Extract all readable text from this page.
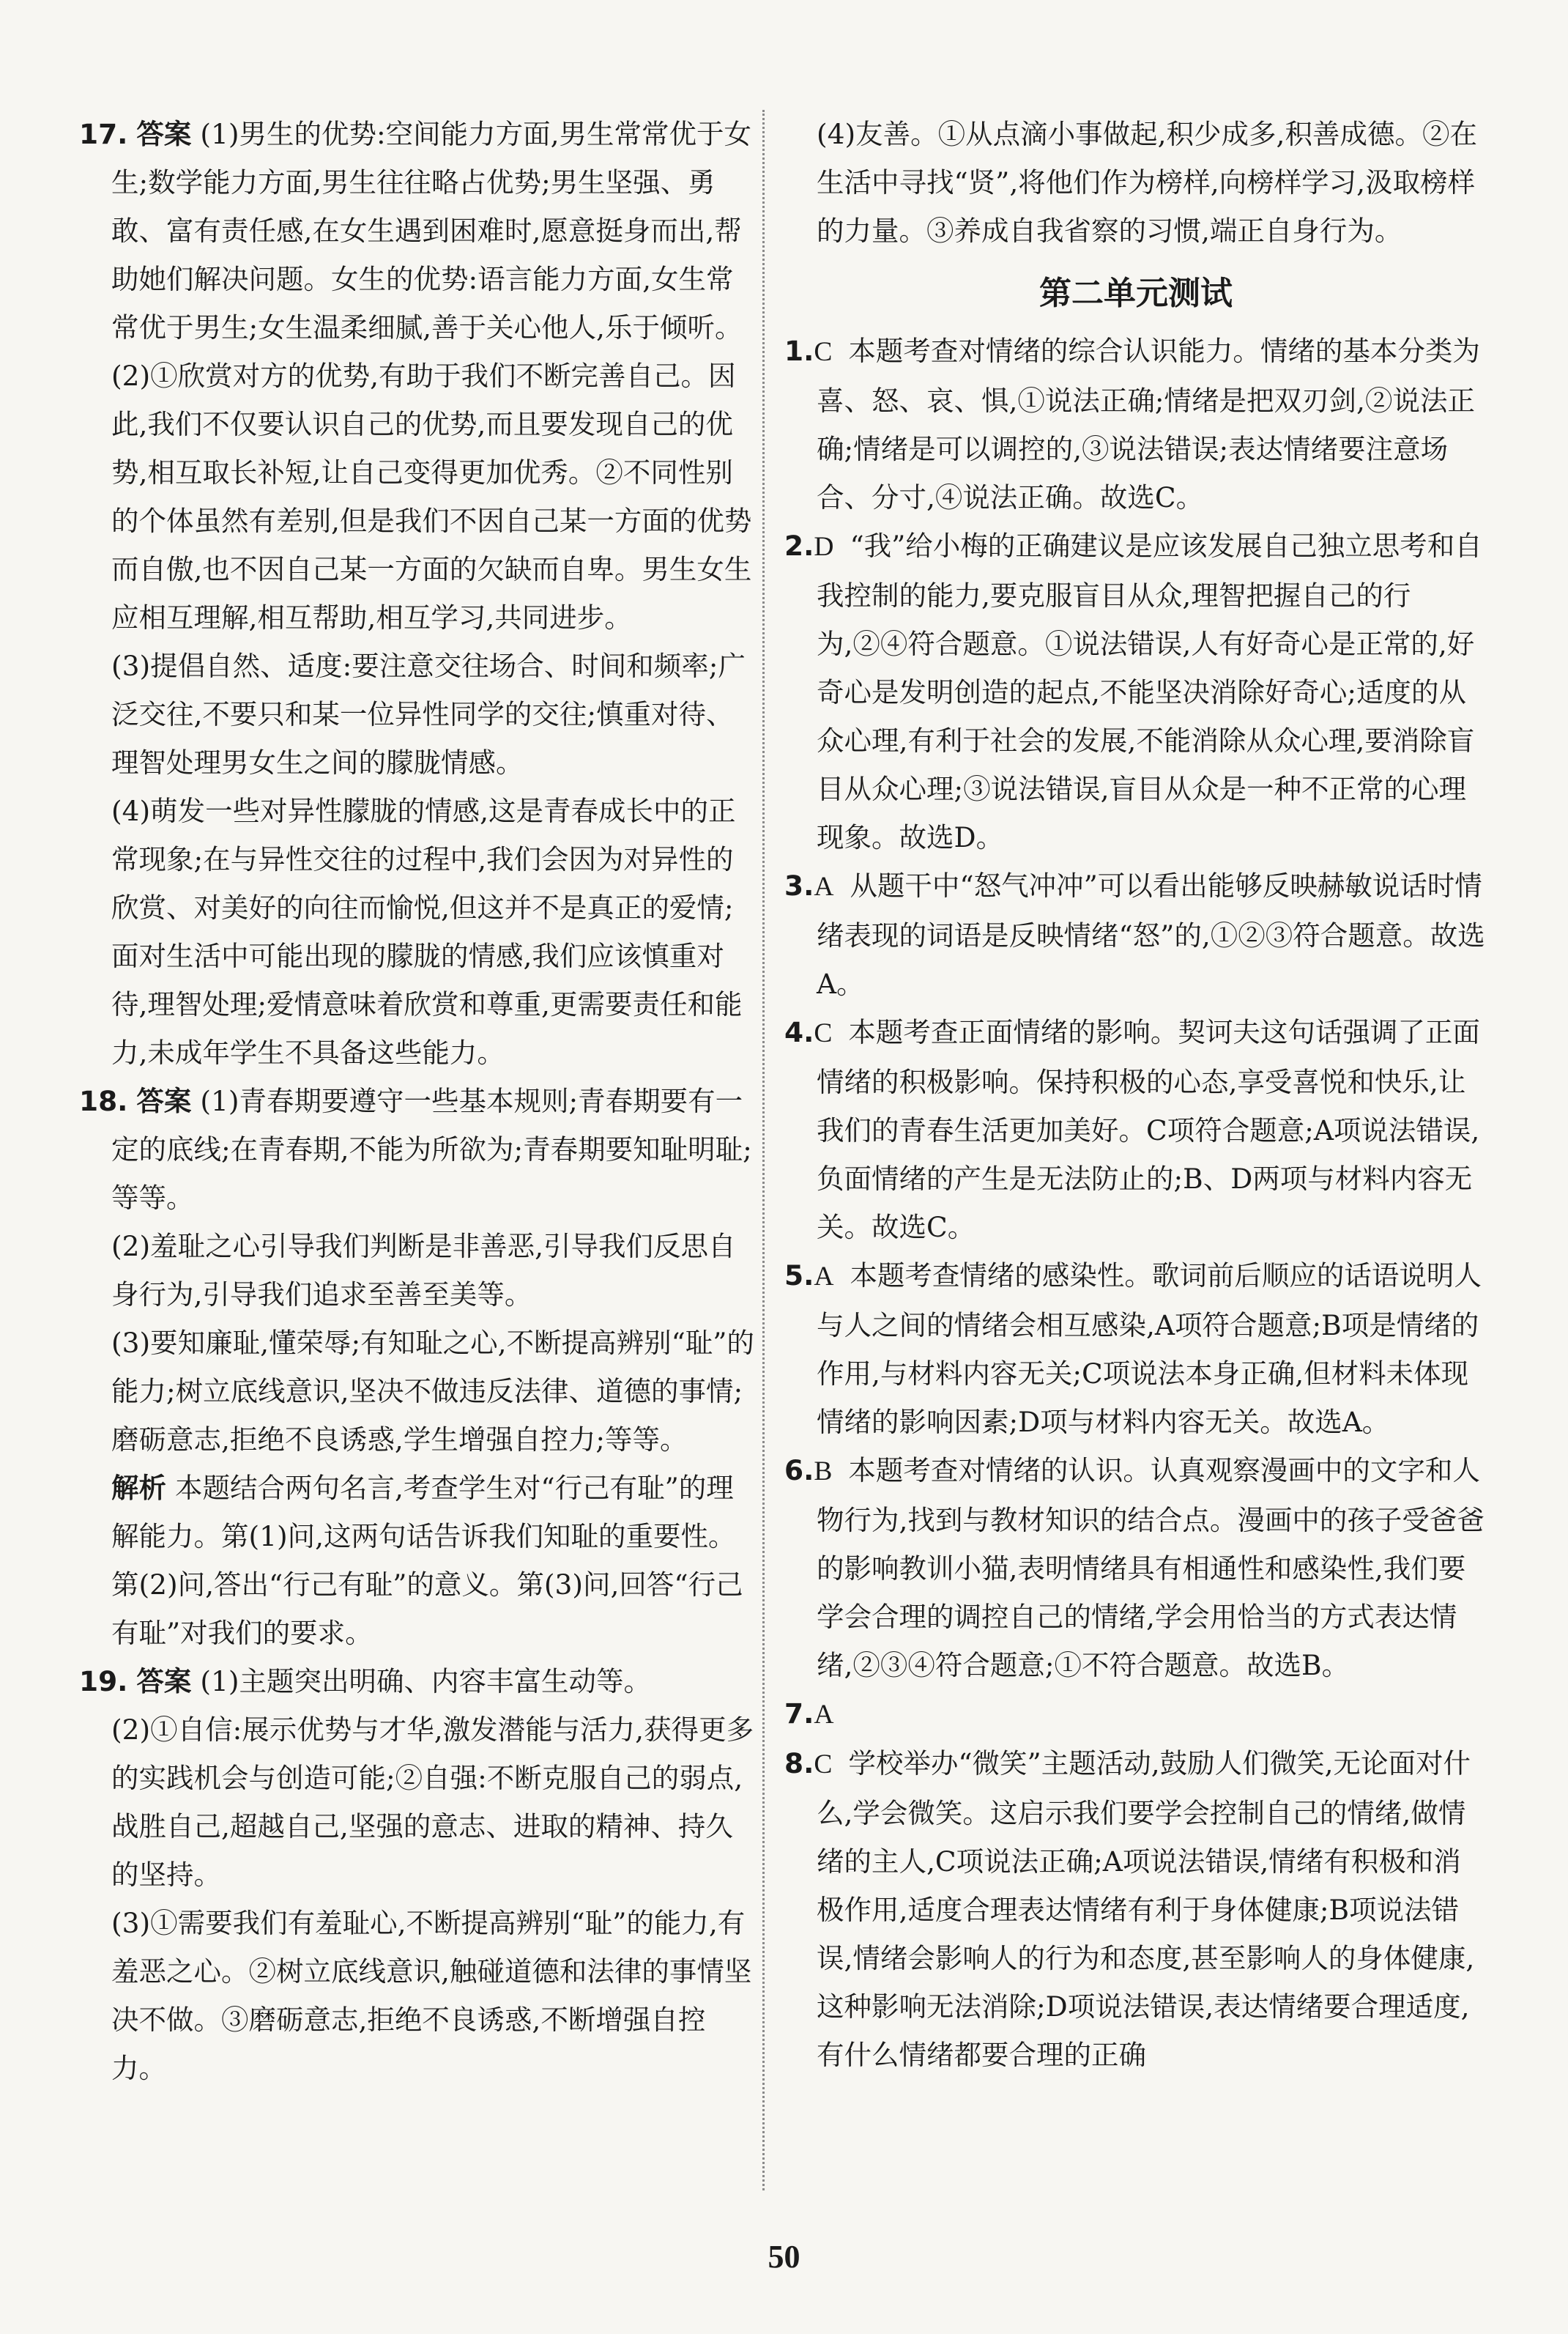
17. 答案 (1)男生的优势:空间能力方面,男生常常优于女生;数学能力方面,男生往往略占优势;男生坚强、勇敢、富有责任感,在女生遇到困难时,愿意挺身而出,帮助她们解决问题。女生的优势:语言能力方面,女生常常优于男生;女生温柔细腻,善于关心他人,乐于倾听。

(2)①欣赏对方的优势,有助于我们不断完善自己。因此,我们不仅要认识自己的优势,而且要发现自己的优势,相互取长补短,让自己变得更加优秀。②不同性别的个体虽然有差别,但是我们不因自己某一方面的优势而自傲,也不因自己某一方面的欠缺而自卑。男生女生应相互理解,相互帮助,相互学习,共同进步。

(3)提倡自然、适度:要注意交往场合、时间和频率;广泛交往,不要只和某一位异性同学的交往;慎重对待、理智处理男女生之间的朦胧情感。

(4)萌发一些对异性朦胧的情感,这是青春成长中的正常现象;在与异性交往的过程中,我们会因为对异性的欣赏、对美好的向往而愉悦,但这并不是真正的爱情;面对生活中可能出现的朦胧的情感,我们应该慎重对待,理智处理;爱情意味着欣赏和尊重,更需要责任和能力,未成年学生不具备这些能力。

18. 答案 (1)青春期要遵守一些基本规则;青春期要有一定的底线;在青春期,不能为所欲为;青春期要知耻明耻;等等。

(2)羞耻之心引导我们判断是非善恶,引导我们反思自身行为,引导我们追求至善至美等。

(3)要知廉耻,懂荣辱;有知耻之心,不断提高辨别“耻”的能力;树立底线意识,坚决不做违反法律、道德的事情;磨砺意志,拒绝不良诱惑,学生增强自控力;等等。

解析 本题结合两句名言,考查学生对“行己有耻”的理解能力。第(1)问,这两句话告诉我们知耻的重要性。第(2)问,答出“行己有耻”的意义。第(3)问,回答“行己有耻”对我们的要求。

19. 答案 (1)主题突出明确、内容丰富生动等。

(2)①自信:展示优势与才华,激发潜能与活力,获得更多的实践机会与创造可能;②自强:不断克服自己的弱点,战胜自己,超越自己,坚强的意志、进取的精神、持久的坚持。

(3)①需要我们有羞耻心,不断提高辨别“耻”的能力,有羞恶之心。②树立底线意识,触碰道德和法律的事情坚决不做。③磨砺意志,拒绝不良诱惑,不断增强自控力。

(4)友善。①从点滴小事做起,积少成多,积善成德。②在生活中寻找“贤”,将他们作为榜样,向榜样学习,汲取榜样的力量。③养成自我省察的习惯,端正自身行为。

第二单元测试
1.C 本题考查对情绪的综合认识能力。情绪的基本分类为喜、怒、哀、惧,①说法正确;情绪是把双刃剑,②说法正确;情绪是可以调控的,③说法错误;表达情绪要注意场合、分寸,④说法正确。故选C。
2.D “我”给小梅的正确建议是应该发展自己独立思考和自我控制的能力,要克服盲目从众,理智把握自己的行为,②④符合题意。①说法错误,人有好奇心是正常的,好奇心是发明创造的起点,不能坚决消除好奇心;适度的从众心理,有利于社会的发展,不能消除从众心理,要消除盲目从众心理;③说法错误,盲目从众是一种不正常的心理现象。故选D。
3.A 从题干中“怒气冲冲”可以看出能够反映赫敏说话时情绪表现的词语是反映情绪“怒”的,①②③符合题意。故选A。
4.C 本题考查正面情绪的影响。契诃夫这句话强调了正面情绪的积极影响。保持积极的心态,享受喜悦和快乐,让我们的青春生活更加美好。C项符合题意;A项说法错误,负面情绪的产生是无法防止的;B、D两项与材料内容无关。故选C。
5.A 本题考查情绪的感染性。歌词前后顺应的话语说明人与人之间的情绪会相互感染,A项符合题意;B项是情绪的作用,与材料内容无关;C项说法本身正确,但材料未体现情绪的影响因素;D项与材料内容无关。故选A。
6.B 本题考查对情绪的认识。认真观察漫画中的文字和人物行为,找到与教材知识的结合点。漫画中的孩子受爸爸的影响教训小猫,表明情绪具有相通性和感染性,我们要学会合理的调控自己的情绪,学会用恰当的方式表达情绪,②③④符合题意;①不符合题意。故选B。
7.A
8.C 学校举办“微笑”主题活动,鼓励人们微笑,无论面对什么,学会微笑。这启示我们要学会控制自己的情绪,做情绪的主人,C项说法正确;A项说法错误,情绪有积极和消极作用,适度合理表达情绪有利于身体健康;B项说法错误,情绪会影响人的行为和态度,甚至影响人的身体健康,这种影响无法消除;D项说法错误,表达情绪要合理适度,有什么情绪都要合理的正确
50
